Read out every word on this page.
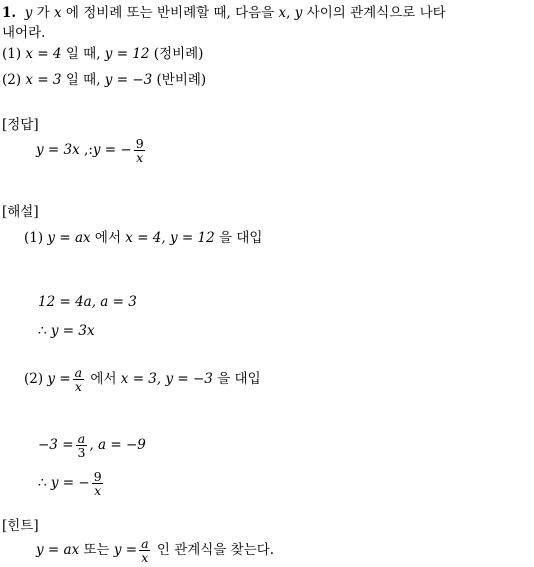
1. y 가 x 에 정비례 또는 반비례할 때, 다음을 x, y 사이의 관계식으로 나타
내어라.
(1) x = 4 일 때, y = 12 (정비례)
(2) x = 3 일 때, y = −3 (반비례)
[정답]
y = 3x ,:y = − $\frac{9}{x}$
[해설]
(1) y = ax 에서 x = 4, y = 12 을 대입
12 = 4a, a = 3
∴ y = 3x
(2) $y = \frac{a}{x}$ 에서 x = 3, y = −3 을 대입
$-3 = \frac{a}{3}$ , a = −9
∴ y = − $\frac{9}{x}$
[힌트]
y = ax 또는 $y = \frac{a}{x}$ 인 관계식을 찾는다.
